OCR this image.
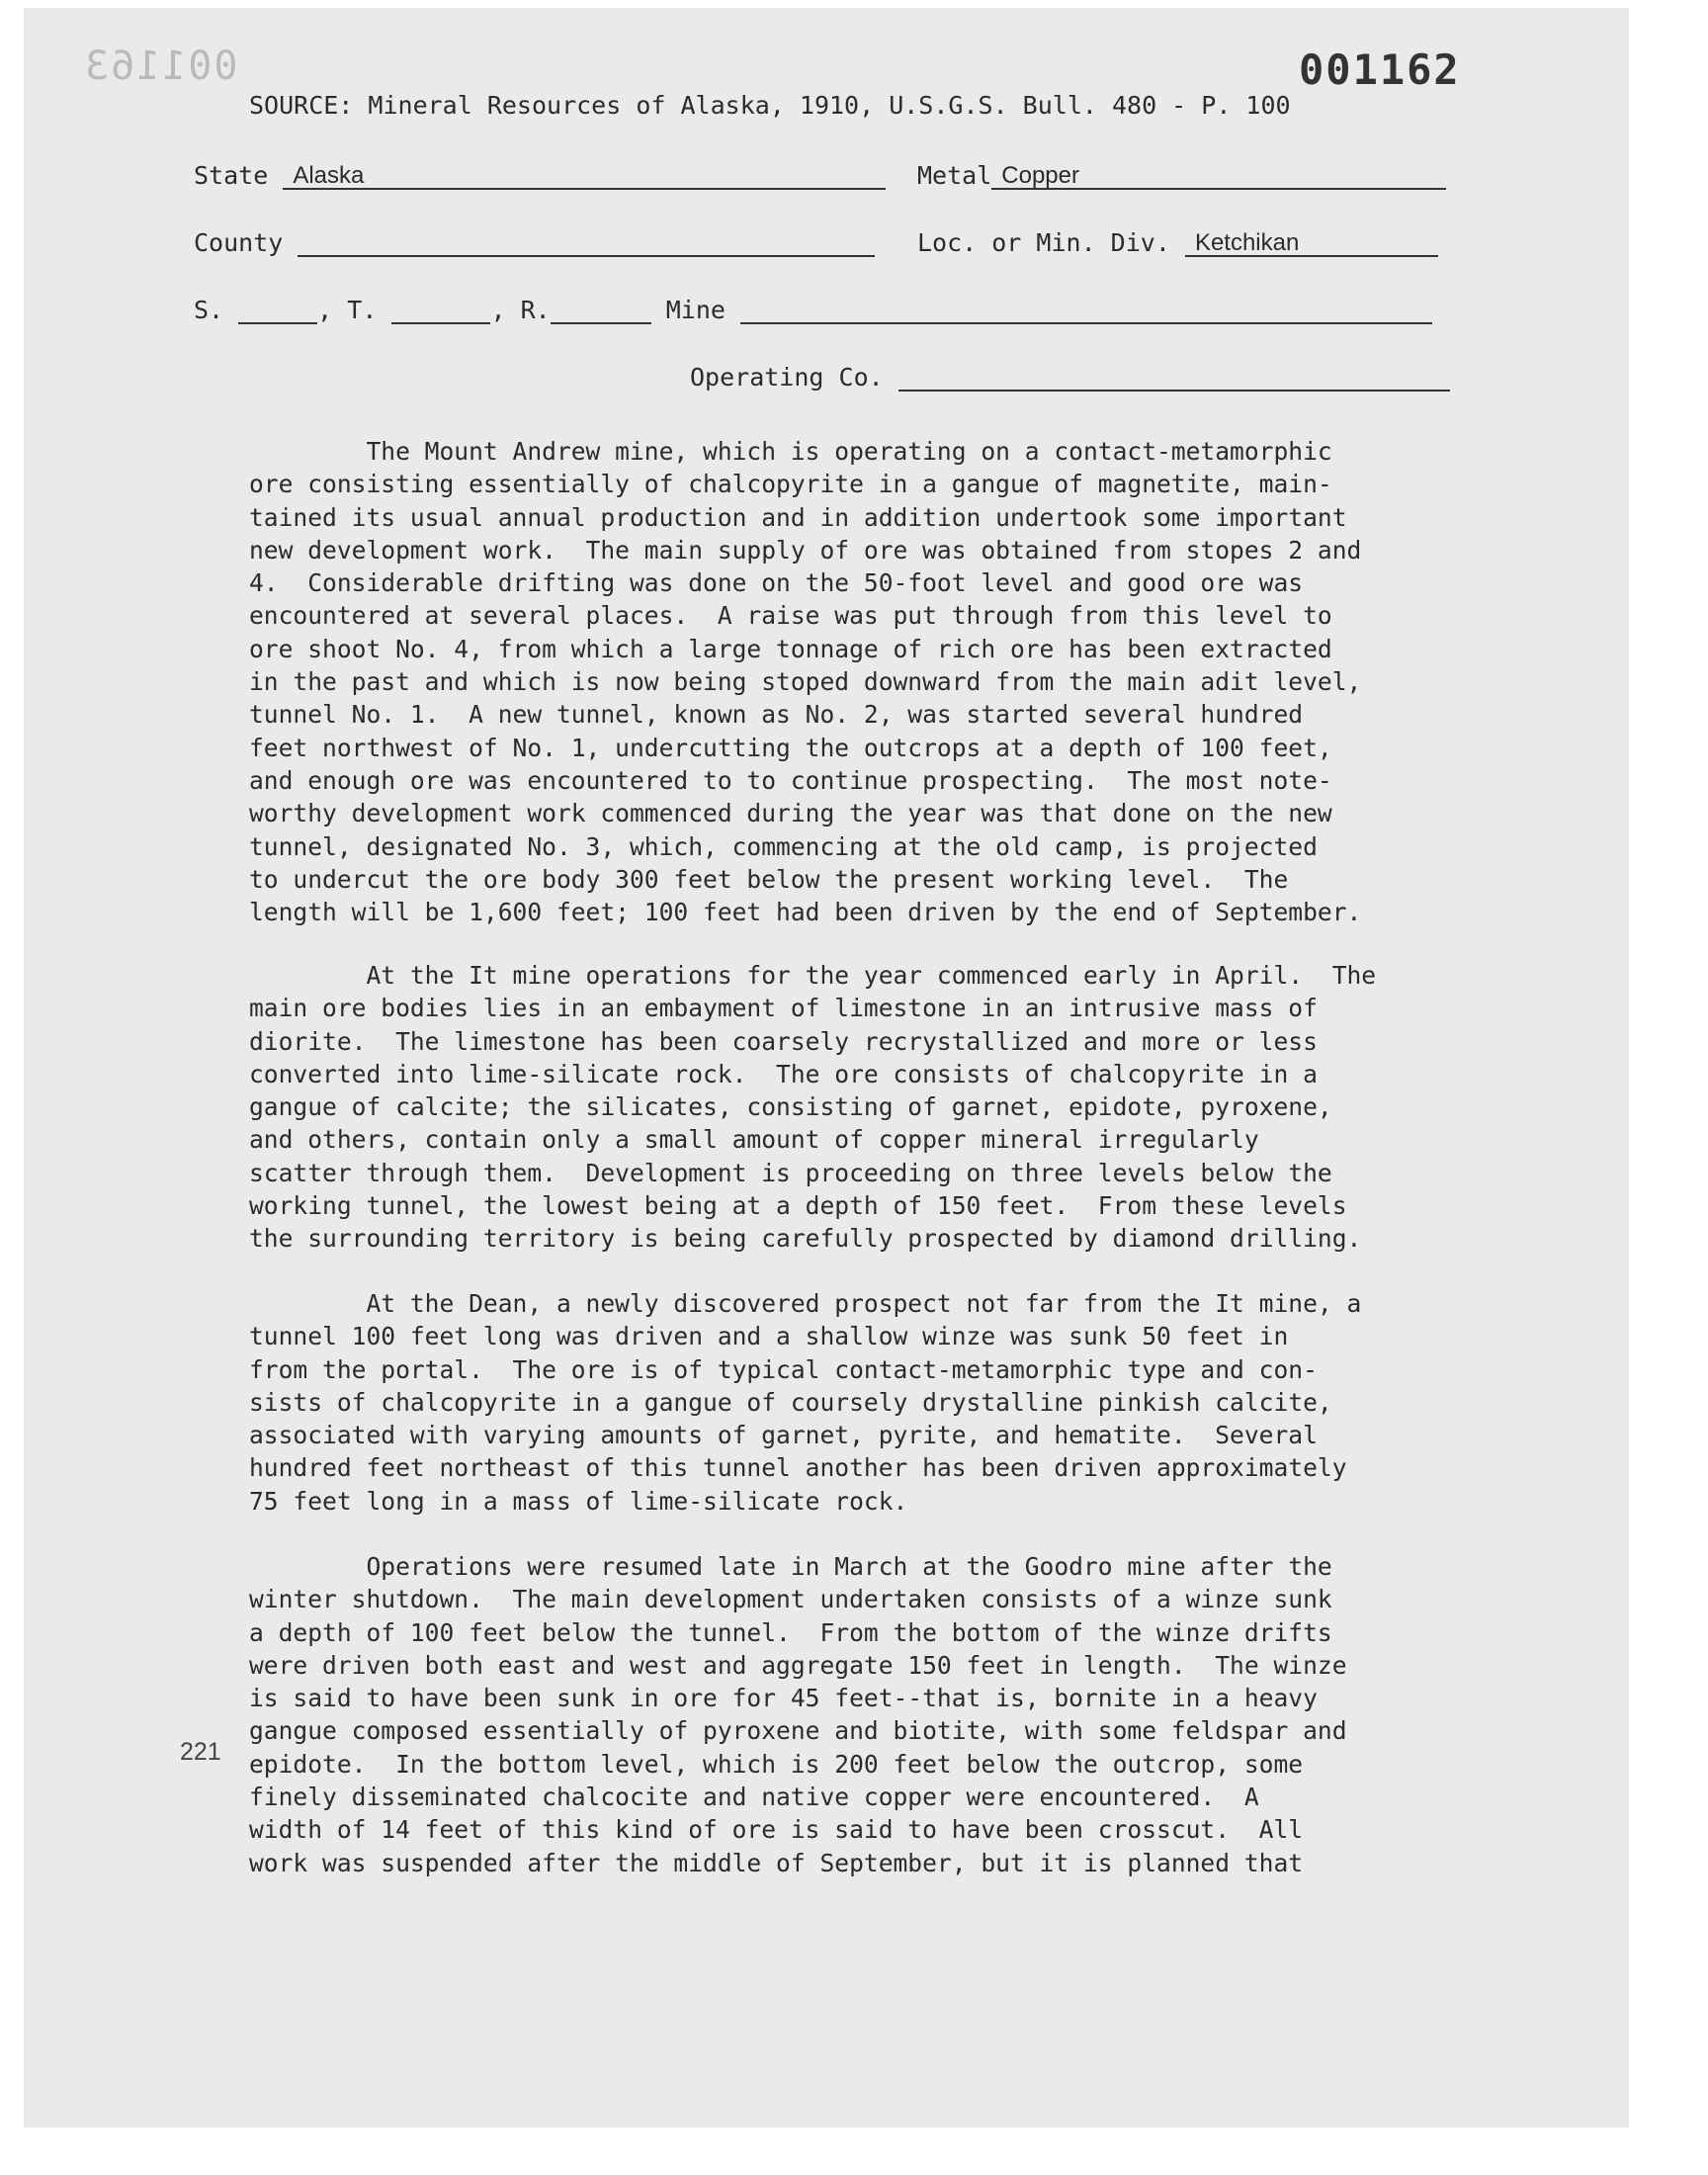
001163	001162
SOURCE: Mineral Resources of Alaska, 1910, U.S.G.S. Bull. 480 - P. 100
State Alaska	Metal Copper
County	Loc. or Min. Div. Ketchikan
S.	, T.	, R.	Mine
Operating Co.
The Mount Andrew mine, which is operating on a contact-metamorphic
ore consisting essentially of chalcopyrite in a gangue of magnetite, main-
tained its usual annual production and in addition undertook some important
new development work.  The main supply of ore was obtained from stopes 2 and
4.  Considerable drifting was done on the 50-foot level and good ore was
encountered at several places.  A raise was put through from this level to
ore shoot No. 4, from which a large tonnage of rich ore has been extracted
in the past and which is now being stoped downward from the main adit level,
tunnel No. 1.  A new tunnel, known as No. 2, was started several hundred
feet northwest of No. 1, undercutting the outcrops at a depth of 100 feet,
and enough ore was encountered to to continue prospecting.  The most note-
worthy development work commenced during the year was that done on the new
tunnel, designated No. 3, which, commencing at the old camp, is projected
to undercut the ore body 300 feet below the present working level.  The
length will be 1,600 feet; 100 feet had been driven by the end of September.
At the It mine operations for the year commenced early in April.  The
main ore bodies lies in an embayment of limestone in an intrusive mass of
diorite.  The limestone has been coarsely recrystallized and more or less
converted into lime-silicate rock.  The ore consists of chalcopyrite in a
gangue of calcite; the silicates, consisting of garnet, epidote, pyroxene,
and others, contain only a small amount of copper mineral irregularly
scatter through them.  Development is proceeding on three levels below the
working tunnel, the lowest being at a depth of 150 feet.  From these levels
the surrounding territory is being carefully prospected by diamond drilling.
At the Dean, a newly discovered prospect not far from the It mine, a
tunnel 100 feet long was driven and a shallow winze was sunk 50 feet in
from the portal.  The ore is of typical contact-metamorphic type and con-
sists of chalcopyrite in a gangue of coursely drystalline pinkish calcite,
associated with varying amounts of garnet, pyrite, and hematite.  Several
hundred feet northeast of this tunnel another has been driven approximately
75 feet long in a mass of lime-silicate rock.
Operations were resumed late in March at the Goodro mine after the
winter shutdown.  The main development undertaken consists of a winze sunk
a depth of 100 feet below the tunnel.  From the bottom of the winze drifts
were driven both east and west and aggregate 150 feet in length.  The winze
is said to have been sunk in ore for 45 feet--that is, bornite in a heavy
gangue composed essentially of pyroxene and biotite, with some feldspar and
epidote.  In the bottom level, which is 200 feet below the outcrop, some
finely disseminated chalcocite and native copper were encountered.  A
width of 14 feet of this kind of ore is said to have been crosscut.  All
work was suspended after the middle of September, but it is planned that
221
